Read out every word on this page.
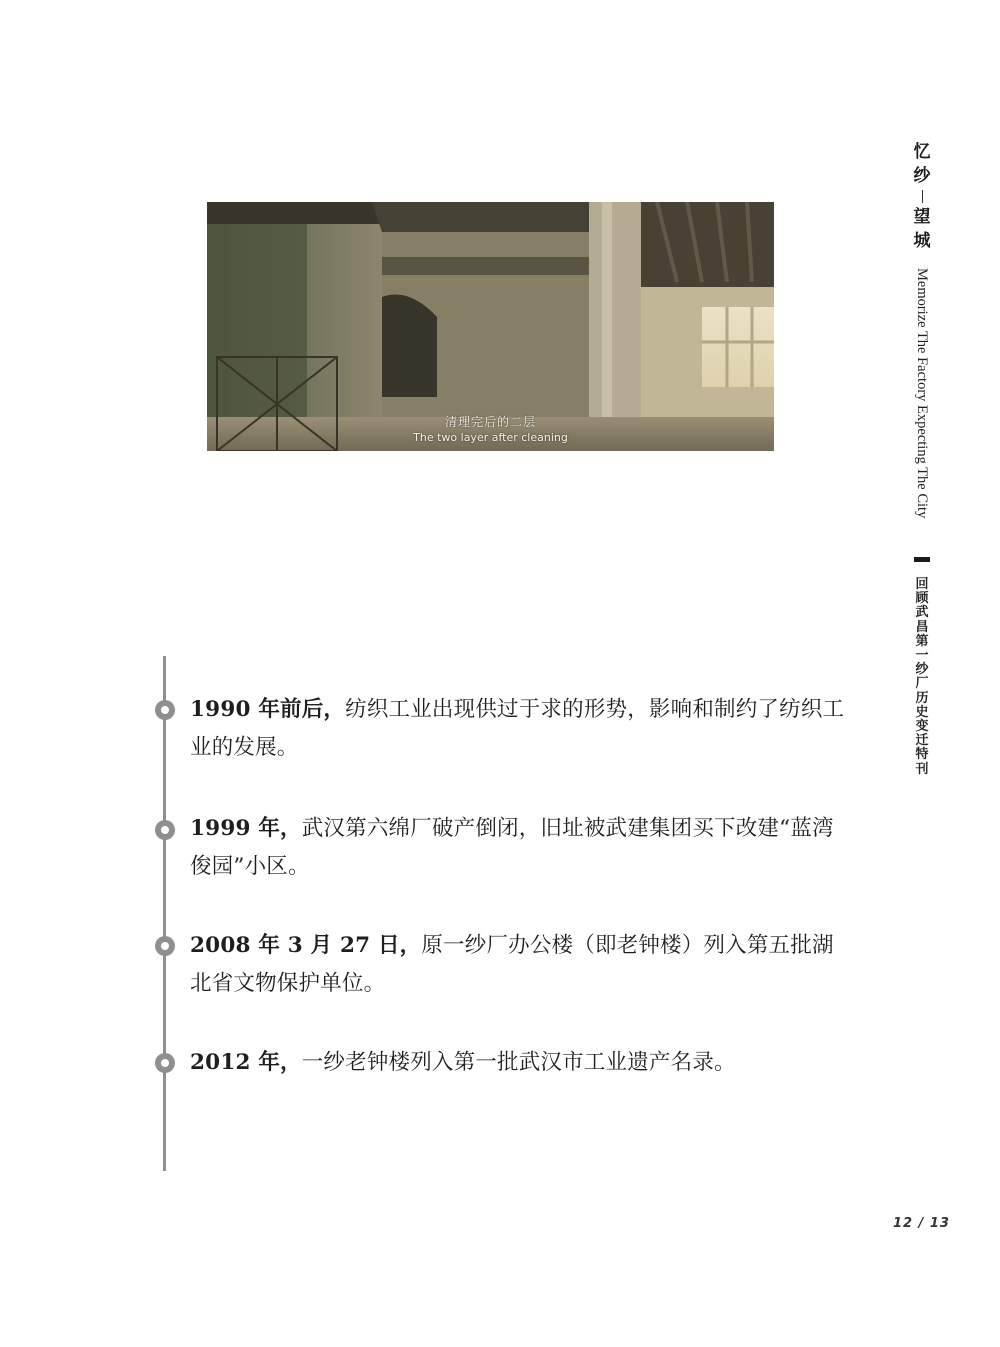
清理完后的二层
The two layer after cleaning
忆
纱
望
城
Memorize The Factory Expecting The City
回
顾
武
昌
第
一
纱
厂
历
史
变
迁
特
刊
1990 年前后，纺织工业出现供过于求的形势，影响和制约了纺织工业的发展。
1999 年，武汉第六绵厂破产倒闭，旧址被武建集团买下改建“蓝湾俊园”小区。
2008 年 3 月 27 日，原一纱厂办公楼（即老钟楼）列入第五批湖北省文物保护单位。
2012 年，一纱老钟楼列入第一批武汉市工业遗产名录。
12 / 13
